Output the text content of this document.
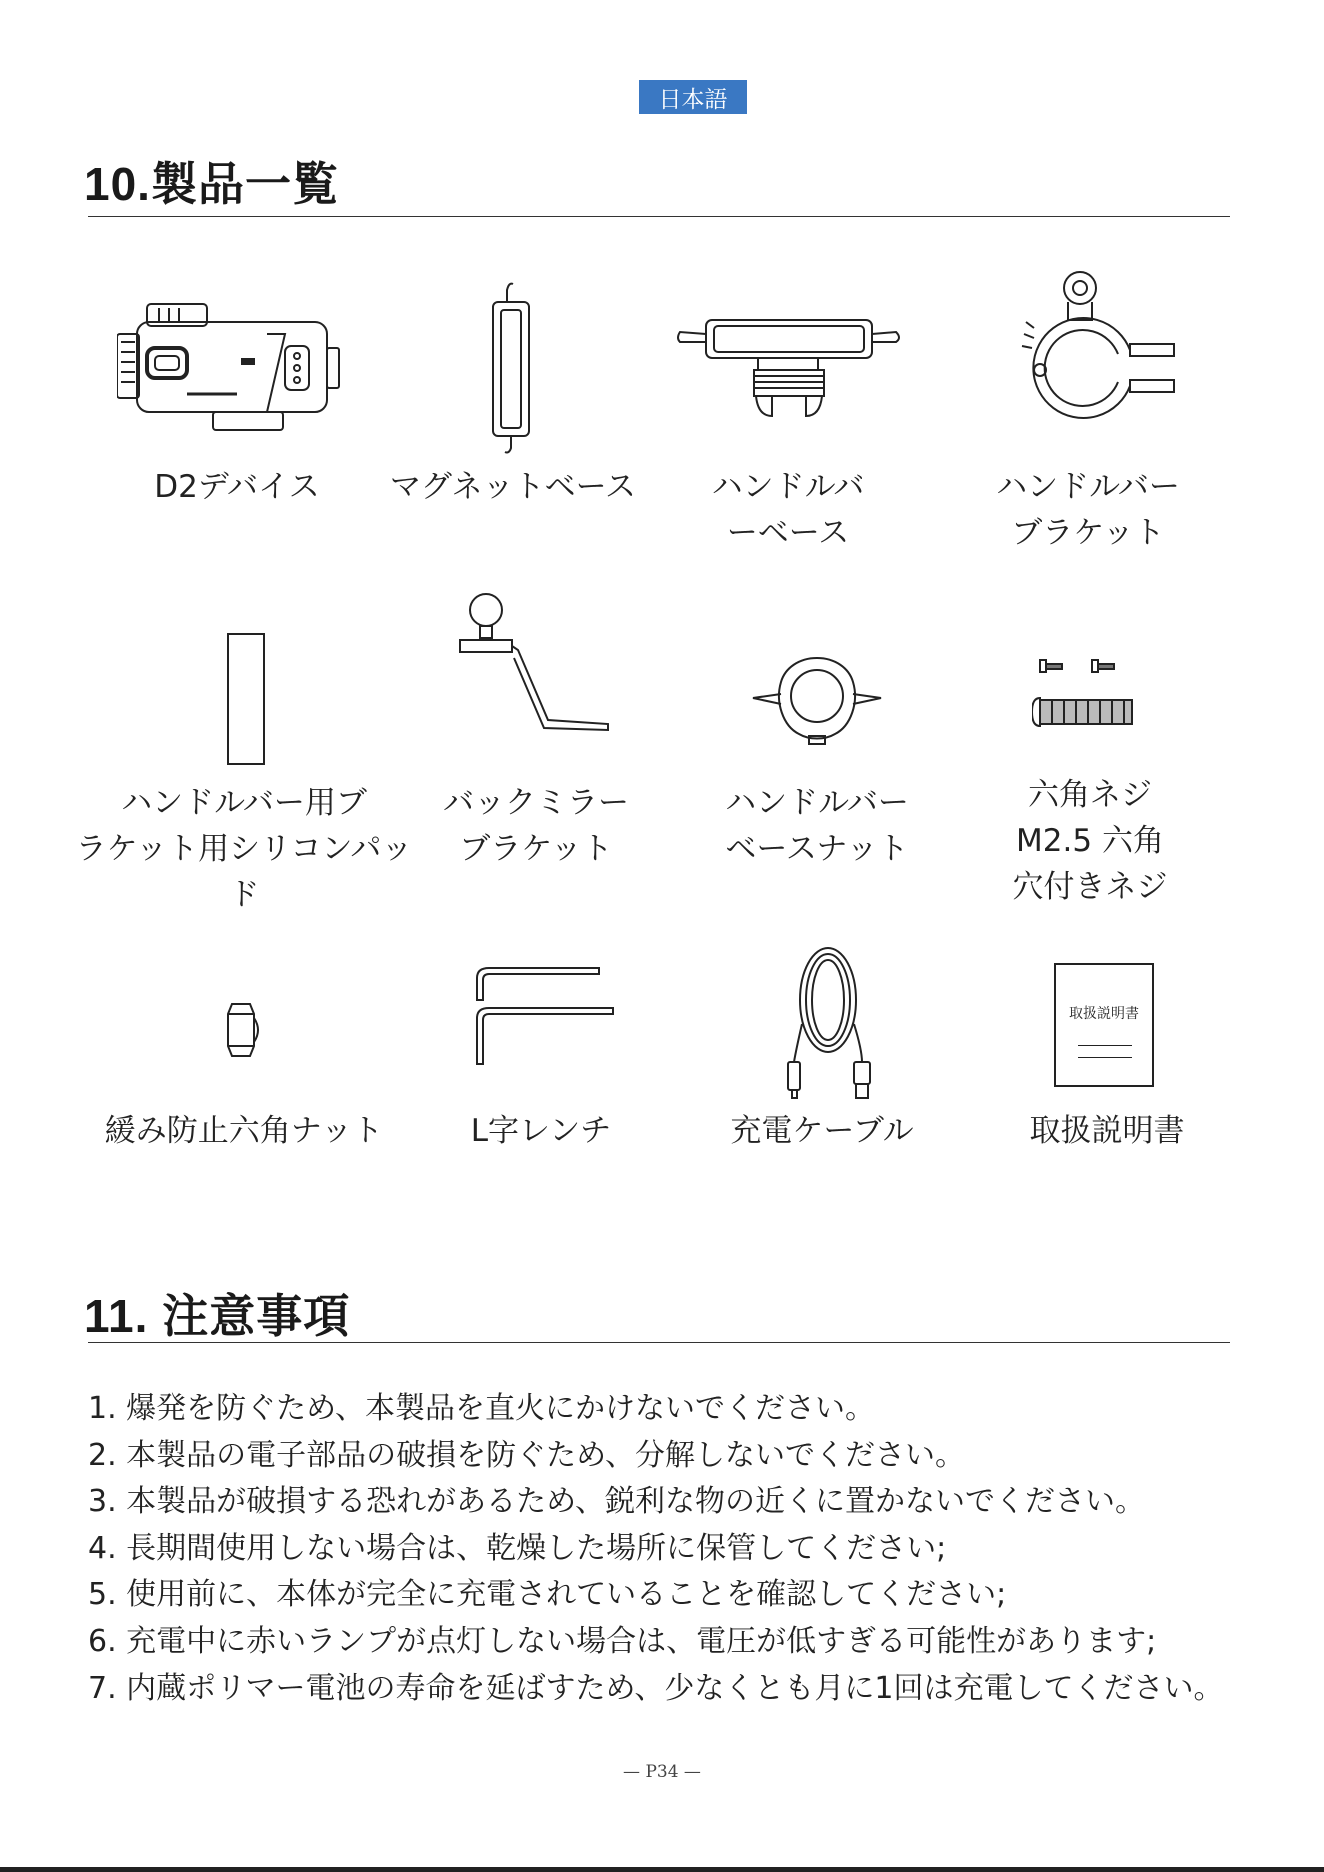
日本語
10.製品一覧
D2デバイス	マグネットベース	ハンドルバ
ーベース
ハンドルバー
ブラケット
ハンドルバー用ブ
ラケット用シリコンパッド
バックミラー
ブラケット
ハンドルバー
ベースナット
六角ネジ
M2.5 六角
穴付きネジ
緩み防止六角ナット	L字レンチ	充電ケーブル
取扱説明書
取扱説明書
11. 注意事項
1. 爆発を防ぐため、本製品を直火にかけないでください。
2. 本製品の電子部品の破損を防ぐため、分解しないでください。
3. 本製品が破損する恐れがあるため、鋭利な物の近くに置かないでください。
4. 長期間使用しない場合は、乾燥した場所に保管してください;
5. 使用前に、本体が完全に充電されていることを確認してください;
6. 充電中に赤いランプが点灯しない場合は、電圧が低すぎる可能性があります;
7. 内蔵ポリマー電池の寿命を延ばすため、少なくとも月に1回は充電してください。
— P34 —
